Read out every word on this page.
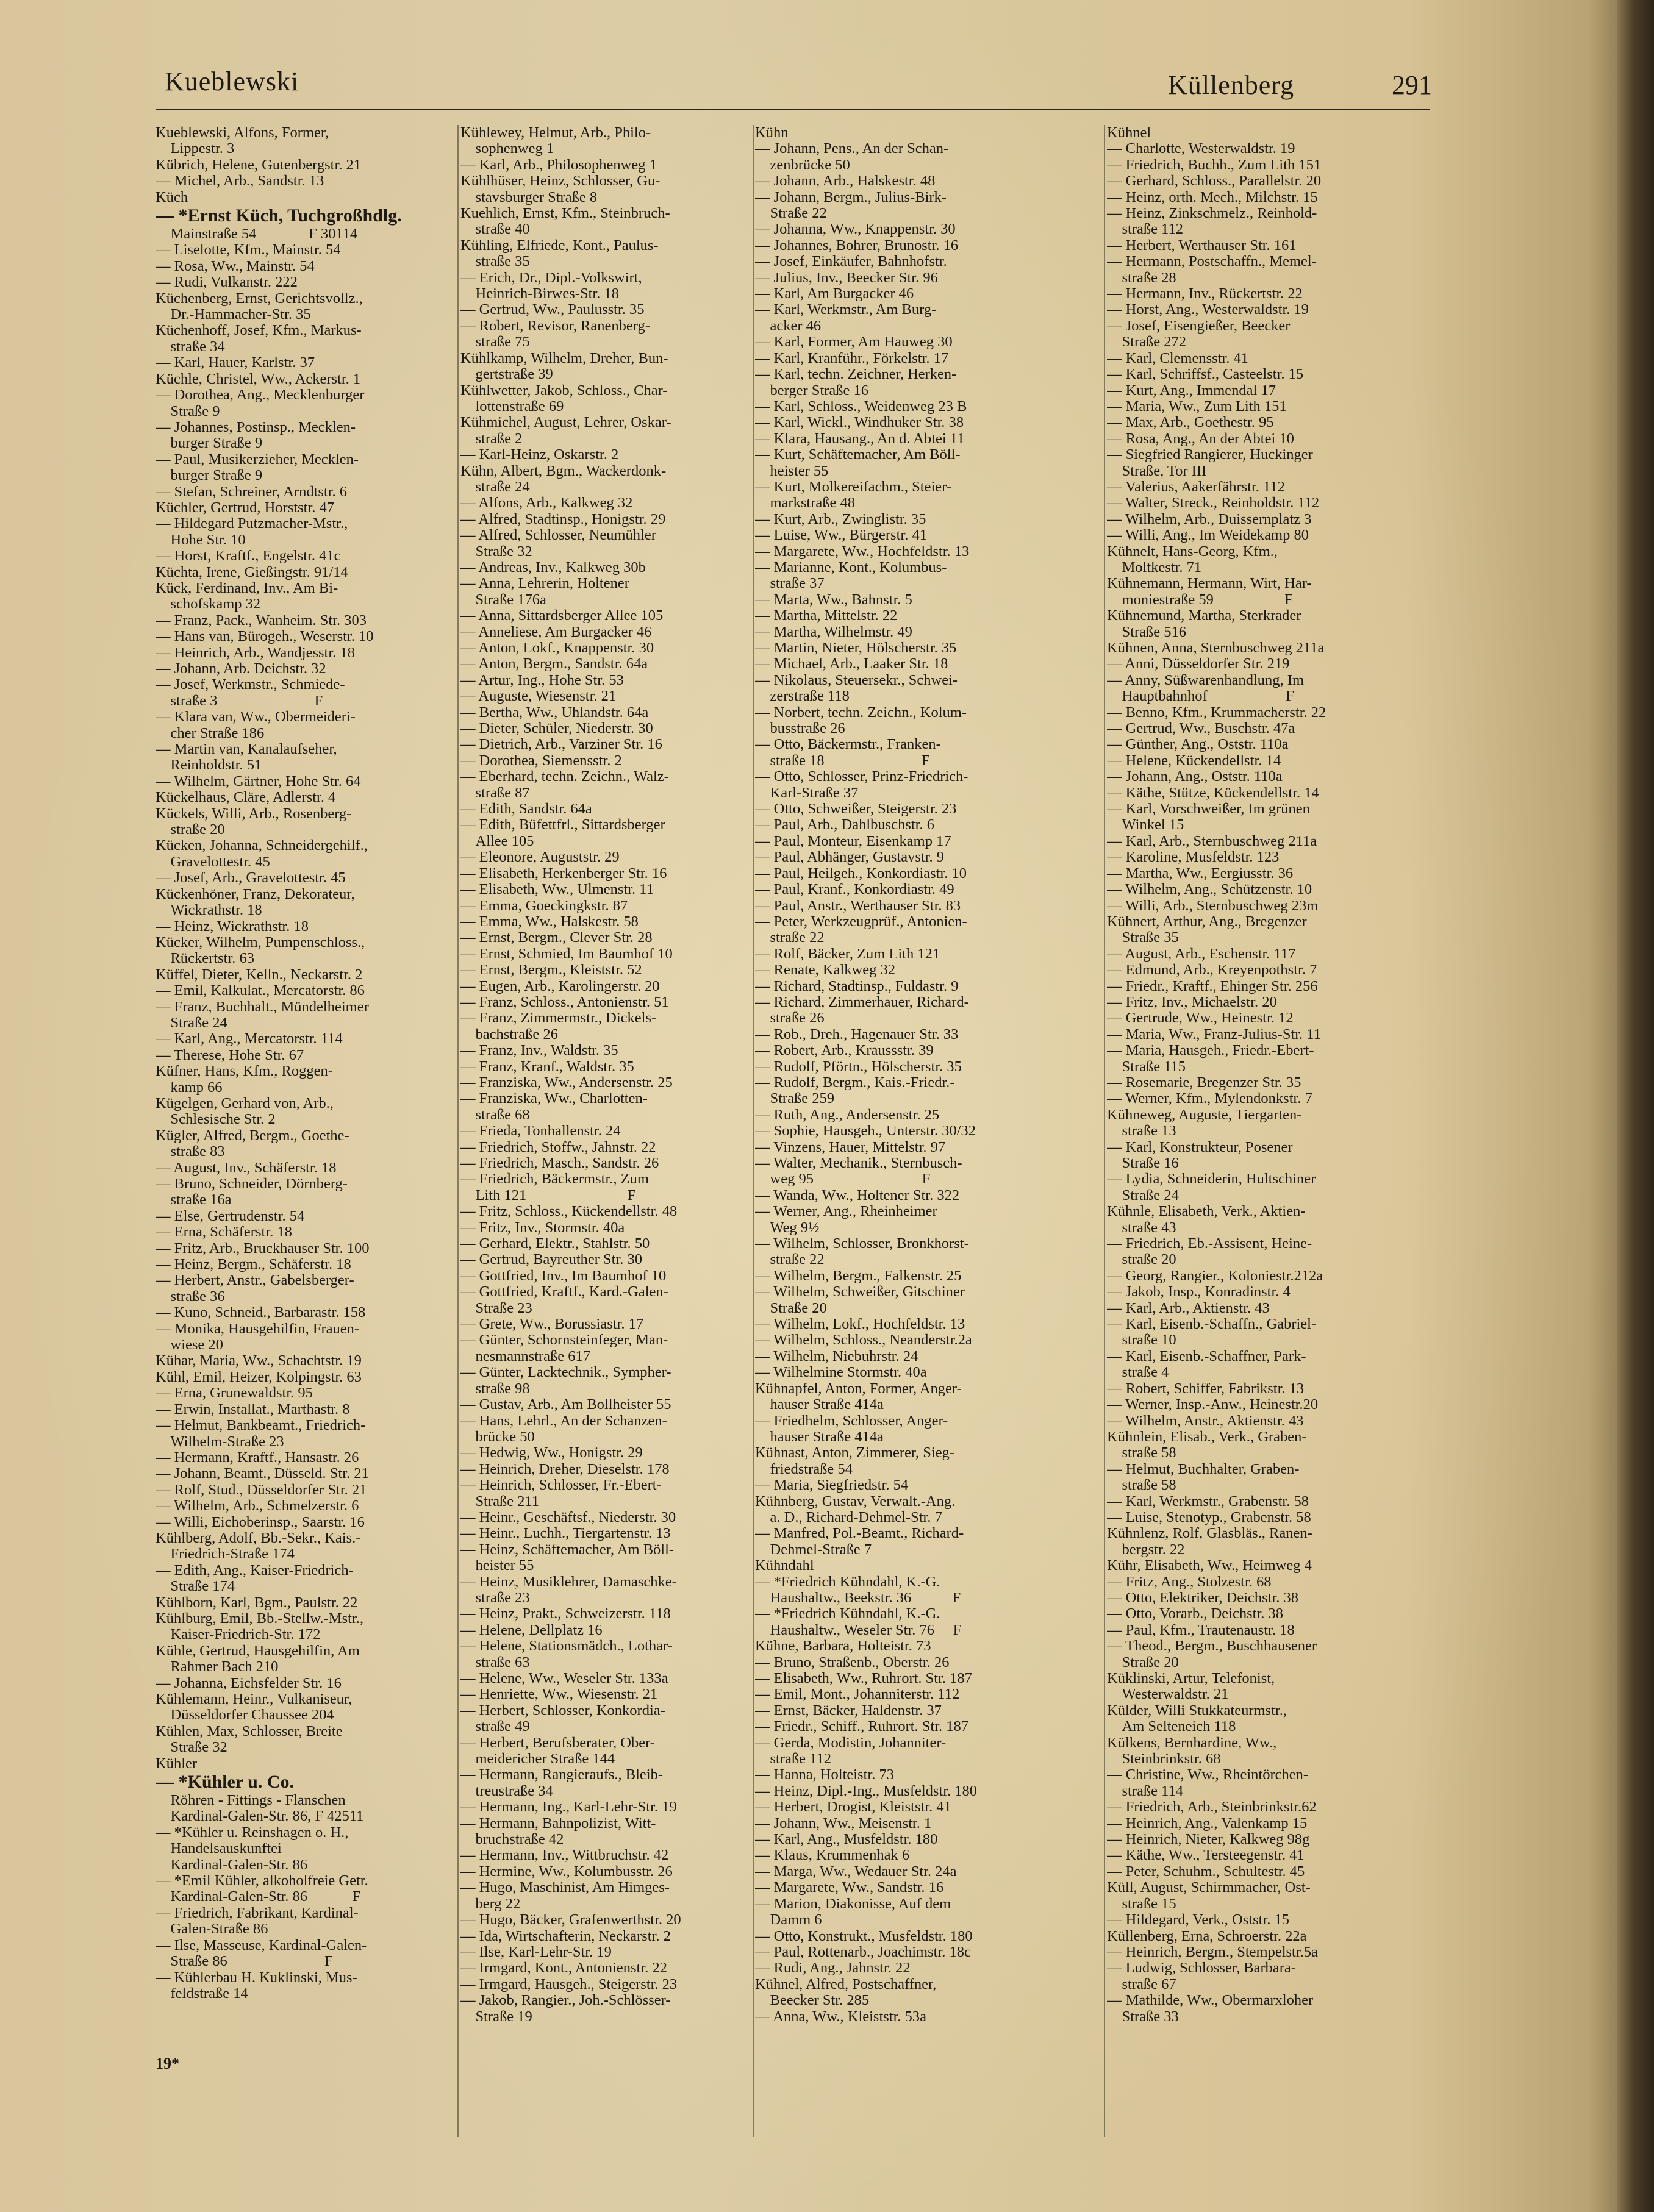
Kueblewski	Küllenberg	291
Kueblewski, Alfons, Former,
Lippestr. 3
Kübrich, Helene, Gutenbergstr. 21
— Michel, Arb., Sandstr. 13
Küch
— *Ernst Küch, Tuchgroßhdlg.
Mainstraße 54              F 30114
— Liselotte, Kfm., Mainstr. 54
— Rosa, Ww., Mainstr. 54
— Rudi, Vulkanstr. 222
Küchenberg, Ernst, Gerichtsvollz.,
Dr.-Hammacher-Str. 35
Küchenhoff, Josef, Kfm., Markus-
straße 34
— Karl, Hauer, Karlstr. 37
Küchle, Christel, Ww., Ackerstr. 1
— Dorothea, Ang., Mecklenburger
Straße 9
— Johannes, Postinsp., Mecklen-
burger Straße 9
— Paul, Musikerzieher, Mecklen-
burger Straße 9
— Stefan, Schreiner, Arndtstr. 6
Küchler, Gertrud, Horststr. 47
— Hildegard Putzmacher-Mstr.,
Hohe Str. 10
— Horst, Kraftf., Engelstr. 41c
Küchta, Irene, Gießingstr. 91/14
Kück, Ferdinand, Inv., Am Bi-
schofskamp 32
— Franz, Pack., Wanheim. Str. 303
— Hans van, Bürogeh., Weserstr. 10
— Heinrich, Arb., Wandjesstr. 18
— Johann, Arb. Deichstr. 32
— Josef, Werkmstr., Schmiede-
straße 3                          F
— Klara van, Ww., Obermeideri-
cher Straße 186
— Martin van, Kanalaufseher,
Reinholdstr. 51
— Wilhelm, Gärtner, Hohe Str. 64
Kückelhaus, Cläre, Adlerstr. 4
Kückels, Willi, Arb., Rosenberg-
straße 20
Kücken, Johanna, Schneidergehilf.,
Gravelottestr. 45
— Josef, Arb., Gravelottestr. 45
Kückenhöner, Franz, Dekorateur,
Wickrathstr. 18
— Heinz, Wickrathstr. 18
Kücker, Wilhelm, Pumpenschloss.,
Rückertstr. 63
Küffel, Dieter, Kelln., Neckarstr. 2
— Emil, Kalkulat., Mercatorstr. 86
— Franz, Buchhalt., Mündelheimer
Straße 24
— Karl, Ang., Mercatorstr. 114
— Therese, Hohe Str. 67
Küfner, Hans, Kfm., Roggen-
kamp 66
Kügelgen, Gerhard von, Arb.,
Schlesische Str. 2
Kügler, Alfred, Bergm., Goethe-
straße 83
— August, Inv., Schäferstr. 18
— Bruno, Schneider, Dörnberg-
straße 16a
— Else, Gertrudenstr. 54
— Erna, Schäferstr. 18
— Fritz, Arb., Bruckhauser Str. 100
— Heinz, Bergm., Schäferstr. 18
— Herbert, Anstr., Gabelsberger-
straße 36
— Kuno, Schneid., Barbarastr. 158
— Monika, Hausgehilfin, Frauen-
wiese 20
Kühar, Maria, Ww., Schachtstr. 19
Kühl, Emil, Heizer, Kolpingstr. 63
— Erna, Grunewaldstr. 95
— Erwin, Installat., Marthastr. 8
— Helmut, Bankbeamt., Friedrich-
Wilhelm-Straße 23
— Hermann, Kraftf., Hansastr. 26
— Johann, Beamt., Düsseld. Str. 21
— Rolf, Stud., Düsseldorfer Str. 21
— Wilhelm, Arb., Schmelzerstr. 6
— Willi, Eichoberinsp., Saarstr. 16
Kühlberg, Adolf, Bb.-Sekr., Kais.-
Friedrich-Straße 174
— Edith, Ang., Kaiser-Friedrich-
Straße 174
Kühlborn, Karl, Bgm., Paulstr. 22
Kühlburg, Emil, Bb.-Stellw.-Mstr.,
Kaiser-Friedrich-Str. 172
Kühle, Gertrud, Hausgehilfin, Am
Rahmer Bach 210
— Johanna, Eichsfelder Str. 16
Kühlemann, Heinr., Vulkaniseur,
Düsseldorfer Chaussee 204
Kühlen, Max, Schlosser, Breite
Straße 32
Kühler
— *Kühler u. Co.
Röhren - Fittings - Flanschen
Kardinal-Galen-Str. 86, F 42511
— *Kühler u. Reinshagen o. H.,
Handelsauskunftei
Kardinal-Galen-Str. 86
— *Emil Kühler, alkoholfreie Getr.
Kardinal-Galen-Str. 86            F
— Friedrich, Fabrikant, Kardinal-
Galen-Straße 86
— Ilse, Masseuse, Kardinal-Galen-
Straße 86                          F
— Kühlerbau H. Kuklinski, Mus-
feldstraße 14
Kühlewey, Helmut, Arb., Philo-
sophenweg 1
— Karl, Arb., Philosophenweg 1
Kühlhüser, Heinz, Schlosser, Gu-
stavsburger Straße 8
Kuehlich, Ernst, Kfm., Steinbruch-
straße 40
Kühling, Elfriede, Kont., Paulus-
straße 35
— Erich, Dr., Dipl.-Volkswirt,
Heinrich-Birwes-Str. 18
— Gertrud, Ww., Paulusstr. 35
— Robert, Revisor, Ranenberg-
straße 75
Kühlkamp, Wilhelm, Dreher, Bun-
gertstraße 39
Kühlwetter, Jakob, Schloss., Char-
lottenstraße 69
Kühmichel, August, Lehrer, Oskar-
straße 2
— Karl-Heinz, Oskarstr. 2
Kühn, Albert, Bgm., Wackerdonk-
straße 24
— Alfons, Arb., Kalkweg 32
— Alfred, Stadtinsp., Honigstr. 29
— Alfred, Schlosser, Neumühler
Straße 32
— Andreas, Inv., Kalkweg 30b
— Anna, Lehrerin, Holtener
Straße 176a
— Anna, Sittardsberger Allee 105
— Anneliese, Am Burgacker 46
— Anton, Lokf., Knappenstr. 30
— Anton, Bergm., Sandstr. 64a
— Artur, Ing., Hohe Str. 53
— Auguste, Wiesenstr. 21
— Bertha, Ww., Uhlandstr. 64a
— Dieter, Schüler, Niederstr. 30
— Dietrich, Arb., Varziner Str. 16
— Dorothea, Siemensstr. 2
— Eberhard, techn. Zeichn., Walz-
straße 87
— Edith, Sandstr. 64a
— Edith, Büfettfrl., Sittardsberger
Allee 105
— Eleonore, Auguststr. 29
— Elisabeth, Herkenberger Str. 16
— Elisabeth, Ww., Ulmenstr. 11
— Emma, Goeckingkstr. 87
— Emma, Ww., Halskestr. 58
— Ernst, Bergm., Clever Str. 28
— Ernst, Schmied, Im Baumhof 10
— Ernst, Bergm., Kleiststr. 52
— Eugen, Arb., Karolingerstr. 20
— Franz, Schloss., Antonienstr. 51
— Franz, Zimmermstr., Dickels-
bachstraße 26
— Franz, Inv., Waldstr. 35
— Franz, Kranf., Waldstr. 35
— Franziska, Ww., Andersenstr. 25
— Franziska, Ww., Charlotten-
straße 68
— Frieda, Tonhallenstr. 24
— Friedrich, Stoffw., Jahnstr. 22
— Friedrich, Masch., Sandstr. 26
— Friedrich, Bäckermstr., Zum
Lith 121                           F
— Fritz, Schloss., Kückendellstr. 48
— Fritz, Inv., Stormstr. 40a
— Gerhard, Elektr., Stahlstr. 50
— Gertrud, Bayreuther Str. 30
— Gottfried, Inv., Im Baumhof 10
— Gottfried, Kraftf., Kard.-Galen-
Straße 23
— Grete, Ww., Borussiastr. 17
— Günter, Schornsteinfeger, Man-
nesmannstraße 617
— Günter, Lacktechnik., Sympher-
straße 98
— Gustav, Arb., Am Bollheister 55
— Hans, Lehrl., An der Schanzen-
brücke 50
— Hedwig, Ww., Honigstr. 29
— Heinrich, Dreher, Dieselstr. 178
— Heinrich, Schlosser, Fr.-Ebert-
Straße 211
— Heinr., Geschäftsf., Niederstr. 30
— Heinr., Luchh., Tiergartenstr. 13
— Heinz, Schäftemacher, Am Böll-
heister 55
— Heinz, Musiklehrer, Damaschke-
straße 23
— Heinz, Prakt., Schweizerstr. 118
— Helene, Dellplatz 16
— Helene, Stationsmädch., Lothar-
straße 63
— Helene, Ww., Weseler Str. 133a
— Henriette, Ww., Wiesenstr. 21
— Herbert, Schlosser, Konkordia-
straße 49
— Herbert, Berufsberater, Ober-
meidericher Straße 144
— Hermann, Rangieraufs., Bleib-
treustraße 34
— Hermann, Ing., Karl-Lehr-Str. 19
— Hermann, Bahnpolizist, Witt-
bruchstraße 42
— Hermann, Inv., Wittbruchstr. 42
— Hermine, Ww., Kolumbusstr. 26
— Hugo, Maschinist, Am Himges-
berg 22
— Hugo, Bäcker, Grafenwerthstr. 20
— Ida, Wirtschafterin, Neckarstr. 2
— Ilse, Karl-Lehr-Str. 19
— Irmgard, Kont., Antonienstr. 22
— Irmgard, Hausgeh., Steigerstr. 23
— Jakob, Rangier., Joh.-Schlösser-
Straße 19
Kühn
— Johann, Pens., An der Schan-
zenbrücke 50
— Johann, Arb., Halskestr. 48
— Johann, Bergm., Julius-Birk-
Straße 22
— Johanna, Ww., Knappenstr. 30
— Johannes, Bohrer, Brunostr. 16
— Josef, Einkäufer, Bahnhofstr.
— Julius, Inv., Beecker Str. 96
— Karl, Am Burgacker 46
— Karl, Werkmstr., Am Burg-
acker 46
— Karl, Former, Am Hauweg 30
— Karl, Kranführ., Förkelstr. 17
— Karl, techn. Zeichner, Herken-
berger Straße 16
— Karl, Schloss., Weidenweg 23 B
— Karl, Wickl., Windhuker Str. 38
— Klara, Hausang., An d. Abtei 11
— Kurt, Schäftemacher, Am Böll-
heister 55
— Kurt, Molkereifachm., Steier-
markstraße 48
— Kurt, Arb., Zwinglistr. 35
— Luise, Ww., Bürgerstr. 41
— Margarete, Ww., Hochfeldstr. 13
— Marianne, Kont., Kolumbus-
straße 37
— Marta, Ww., Bahnstr. 5
— Martha, Mittelstr. 22
— Martha, Wilhelmstr. 49
— Martin, Nieter, Hölscherstr. 35
— Michael, Arb., Laaker Str. 18
— Nikolaus, Steuersekr., Schwei-
zerstraße 118
— Norbert, techn. Zeichn., Kolum-
busstraße 26
— Otto, Bäckermstr., Franken-
straße 18                          F
— Otto, Schlosser, Prinz-Friedrich-
Karl-Straße 37
— Otto, Schweißer, Steigerstr. 23
— Paul, Arb., Dahlbuschstr. 6
— Paul, Monteur, Eisenkamp 17
— Paul, Abhänger, Gustavstr. 9
— Paul, Heilgeh., Konkordiastr. 10
— Paul, Kranf., Konkordiastr. 49
— Paul, Anstr., Werthauser Str. 83
— Peter, Werkzeugprüf., Antonien-
straße 22
— Rolf, Bäcker, Zum Lith 121
— Renate, Kalkweg 32
— Richard, Stadtinsp., Fuldastr. 9
— Richard, Zimmerhauer, Richard-
straße 26
— Rob., Dreh., Hagenauer Str. 33
— Robert, Arb., Kraussstr. 39
— Rudolf, Pförtn., Hölscherstr. 35
— Rudolf, Bergm., Kais.-Friedr.-
Straße 259
— Ruth, Ang., Andersenstr. 25
— Sophie, Hausgeh., Unterstr. 30/32
— Vinzens, Hauer, Mittelstr. 97
— Walter, Mechanik., Sternbusch-
weg 95                             F
— Wanda, Ww., Holtener Str. 322
— Werner, Ang., Rheinheimer
Weg 9½
— Wilhelm, Schlosser, Bronkhorst-
straße 22
— Wilhelm, Bergm., Falkenstr. 25
— Wilhelm, Schweißer, Gitschiner
Straße 20
— Wilhelm, Lokf., Hochfeldstr. 13
— Wilhelm, Schloss., Neanderstr.2a
— Wilhelm, Niebuhrstr. 24
— Wilhelmine Stormstr. 40a
Kühnapfel, Anton, Former, Anger-
hauser Straße 414a
— Friedhelm, Schlosser, Anger-
hauser Straße 414a
Kühnast, Anton, Zimmerer, Sieg-
friedstraße 54
— Maria, Siegfriedstr. 54
Kühnberg, Gustav, Verwalt.-Ang.
a. D., Richard-Dehmel-Str. 7
— Manfred, Pol.-Beamt., Richard-
Dehmel-Straße 7
Kühndahl
— *Friedrich Kühndahl, K.-G.
Haushaltw., Beekstr. 36           F
— *Friedrich Kühndahl, K.-G.
Haushaltw., Weseler Str. 76     F
Kühne, Barbara, Holteistr. 73
— Bruno, Straßenb., Oberstr. 26
— Elisabeth, Ww., Ruhrort. Str. 187
— Emil, Mont., Johanniterstr. 112
— Ernst, Bäcker, Haldenstr. 37
— Friedr., Schiff., Ruhrort. Str. 187
— Gerda, Modistin, Johanniter-
straße 112
— Hanna, Holteistr. 73
— Heinz, Dipl.-Ing., Musfeldstr. 180
— Herbert, Drogist, Kleiststr. 41
— Johann, Ww., Meisenstr. 1
— Karl, Ang., Musfeldstr. 180
— Klaus, Krummenhak 6
— Marga, Ww., Wedauer Str. 24a
— Margarete, Ww., Sandstr. 16
— Marion, Diakonisse, Auf dem
Damm 6
— Otto, Konstrukt., Musfeldstr. 180
— Paul, Rottenarb., Joachimstr. 18c
— Rudi, Ang., Jahnstr. 22
Kühnel, Alfred, Postschaffner,
Beecker Str. 285
— Anna, Ww., Kleiststr. 53a
Kühnel
— Charlotte, Westerwaldstr. 19
— Friedrich, Buchh., Zum Lith 151
— Gerhard, Schloss., Parallelstr. 20
— Heinz, orth. Mech., Milchstr. 15
— Heinz, Zinkschmelz., Reinhold-
straße 112
— Herbert, Werthauser Str. 161
— Hermann, Postschaffn., Memel-
straße 28
— Hermann, Inv., Rückertstr. 22
— Horst, Ang., Westerwaldstr. 19
— Josef, Eisengießer, Beecker
Straße 272
— Karl, Clemensstr. 41
— Karl, Schriffsf., Casteelstr. 15
— Kurt, Ang., Immendal 17
— Maria, Ww., Zum Lith 151
— Max, Arb., Goethestr. 95
— Rosa, Ang., An der Abtei 10
— Siegfried Rangierer, Huckinger
Straße, Tor III
— Valerius, Aakerfährstr. 112
— Walter, Streck., Reinholdstr. 112
— Wilhelm, Arb., Duissernplatz 3
— Willi, Ang., Im Weidekamp 80
Kühnelt, Hans-Georg, Kfm.,
Moltkestr. 71
Kühnemann, Hermann, Wirt, Har-
moniestraße 59                   F
Kühnemund, Martha, Sterkrader
Straße 516
Kühnen, Anna, Sternbuschweg 211a
— Anni, Düsseldorfer Str. 219
— Anny, Süßwarenhandlung, Im
Hauptbahnhof                     F
— Benno, Kfm., Krummacherstr. 22
— Gertrud, Ww., Buschstr. 47a
— Günther, Ang., Oststr. 110a
— Helene, Kückendellstr. 14
— Johann, Ang., Oststr. 110a
— Käthe, Stütze, Kückendellstr. 14
— Karl, Vorschweißer, Im grünen
Winkel 15
— Karl, Arb., Sternbuschweg 211a
— Karoline, Musfeldstr. 123
— Martha, Ww., Eergiusstr. 36
— Wilhelm, Ang., Schützenstr. 10
— Willi, Arb., Sternbuschweg 23m
Kühnert, Arthur, Ang., Bregenzer
Straße 35
— August, Arb., Eschenstr. 117
— Edmund, Arb., Kreyenpothstr. 7
— Friedr., Kraftf., Ehinger Str. 256
— Fritz, Inv., Michaelstr. 20
— Gertrude, Ww., Heinestr. 12
— Maria, Ww., Franz-Julius-Str. 11
— Maria, Hausgeh., Friedr.-Ebert-
Straße 115
— Rosemarie, Bregenzer Str. 35
— Werner, Kfm., Mylendonkstr. 7
Kühneweg, Auguste, Tiergarten-
straße 13
— Karl, Konstrukteur, Posener
Straße 16
— Lydia, Schneiderin, Hultschiner
Straße 24
Kühnle, Elisabeth, Verk., Aktien-
straße 43
— Friedrich, Eb.-Assisent, Heine-
straße 20
— Georg, Rangier., Koloniestr.212a
— Jakob, Insp., Konradinstr. 4
— Karl, Arb., Aktienstr. 43
— Karl, Eisenb.-Schaffn., Gabriel-
straße 10
— Karl, Eisenb.-Schaffner, Park-
straße 4
— Robert, Schiffer, Fabrikstr. 13
— Werner, Insp.-Anw., Heinestr.20
— Wilhelm, Anstr., Aktienstr. 43
Kühnlein, Elisab., Verk., Graben-
straße 58
— Helmut, Buchhalter, Graben-
straße 58
— Karl, Werkmstr., Grabenstr. 58
— Luise, Stenotyp., Grabenstr. 58
Kühnlenz, Rolf, Glasbläs., Ranen-
bergstr. 22
Kühr, Elisabeth, Ww., Heimweg 4
— Fritz, Ang., Stolzestr. 68
— Otto, Elektriker, Deichstr. 38
— Otto, Vorarb., Deichstr. 38
— Paul, Kfm., Trautenaustr. 18
— Theod., Bergm., Buschhausener
Straße 20
Küklinski, Artur, Telefonist,
Westerwaldstr. 21
Külder, Willi Stukkateurmstr.,
Am Selteneich 118
Külkens, Bernhardine, Ww.,
Steinbrinkstr. 68
— Christine, Ww., Rheintörchen-
straße 114
— Friedrich, Arb., Steinbrinkstr.62
— Heinrich, Ang., Valenkamp 15
— Heinrich, Nieter, Kalkweg 98g
— Käthe, Ww., Tersteegenstr. 41
— Peter, Schuhm., Schultestr. 45
Küll, August, Schirmmacher, Ost-
straße 15
— Hildegard, Verk., Oststr. 15
Küllenberg, Erna, Schroerstr. 22a
— Heinrich, Bergm., Stempelstr.5a
— Ludwig, Schlosser, Barbara-
straße 67
— Mathilde, Ww., Obermarxloher
Straße 33
19*
